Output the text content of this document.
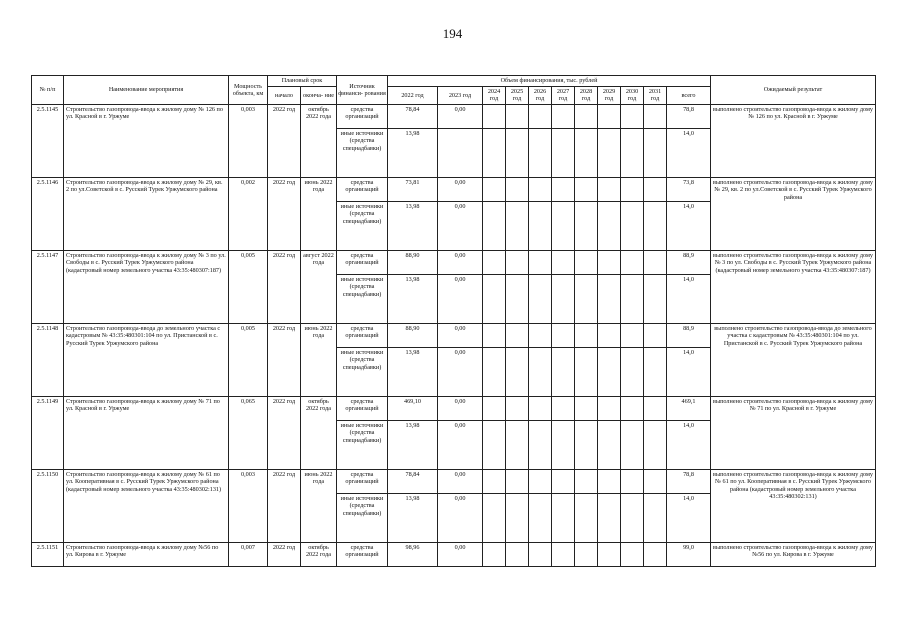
194
№ п/п	Наименование мероприятия	Мощность объекта, км	Плановый срок		Источник финанси- рования	Объем финансирования, тыс. рублей											Ожидаемый результат
			начало	оконча- ние		2022 год	2023 год	2024 год	2025 год	2026 год	2027 год	2028 год	2029 год	2030 год	2031 год	всего	
2.5.1145	Строительство газопровода-ввода к жилому дому № 126 по ул. Красной в г. Уржуме	0,003	2022 год	октябрь 2022 года	средства организаций	78,84	0,00									78,8	выполнено строительство газопровода-ввода к жилому дому № 126 по ул. Красной в г. Уржуме
					иные источники (средства спецнадбавки)	13,98										14,0	
2.5.1146	Строительство газопровода-ввода к жилому дому № 29, кв. 2 по ул.Советской в с. Русский Турек Уржумского района	0,002	2022 год	июнь 2022 года	средства организаций	73,81	0,00									73,8	выполнено строительство газопровода-ввода к жилому дому № 29, кв. 2 по ул.Советской в с. Русский Турек Уржумского района
					иные источники (средства спецнадбавки)	13,98	0,00									14,0	
2.5.1147	Строительство газопровода-ввода к жилому дому № 3 по ул. Свободы в с. Русский Турек Уржумского района (кадастровый номер земельного участка 43:35:480307:187)	0,005	2022 год	август 2022 года	средства организаций	88,90	0,00									88,9	выполнено строительство газопровода-ввода к жилому дому № 3 по ул. Свободы в с. Русский Турек Уржумского района (кадастровый номер земельного участка 43:35:480307:187)
					иные источники (средства спецнадбавки)	13,98	0,00									14,0	
2.5.1148	Строительство газопровода-ввода до земельного участка с кадастровым № 43:35:480301:104 по ул. Пристанской в с. Русский Турек Уржумского района	0,005	2022 год	июнь 2022 года	средства организаций	88,90	0,00									88,9	выполнено строительство газопровода-ввода до земельного участка с кадастровым № 43:35:480301:104 по ул. Пристанской в с. Русский Турек Уржумского района
					иные источники (средства спецнадбавки)	13,98	0,00									14,0	
2.5.1149	Строительство газопровода-ввода к жилому дому № 71 по ул. Красной в г. Уржуме	0,065	2022 год	октябрь 2022 года	средства организаций	469,10	0,00									469,1	выполнено строительство газопровода-ввода к жилому дому № 71 по ул. Красной в г. Уржуме
					иные источники (средства спецнадбавки)	13,98	0,00									14,0	
2.5.1150	Строительство газопровода-ввода к жилому дому № 61 по ул. Кооперативная в с. Русский Турек Уржумского района (кадастровый номер земельного участка 43:35:480302:131)	0,003	2022 год	июнь 2022 года	средства организаций	78,84	0,00									78,8	выполнено строительство газопровода-ввода к жилому дому № 61 по ул. Кооперативная в с. Русский Турек Уржумского района (кадастровый номер земельного участка 43:35:480302:131)
					иные источники (средства спецнадбавки)	13,98	0,00									14,0	
2.5.1151	Строительство газопровода-ввода к жилому дому №56 по ул. Кирова в г. Уржуме	0,007	2022 год	октябрь 2022 года	средства организаций	98,96	0,00									99,0	выполнено строительство газопровода-ввода к жилому дому №56 по ул. Кирова в г. Уржуме
